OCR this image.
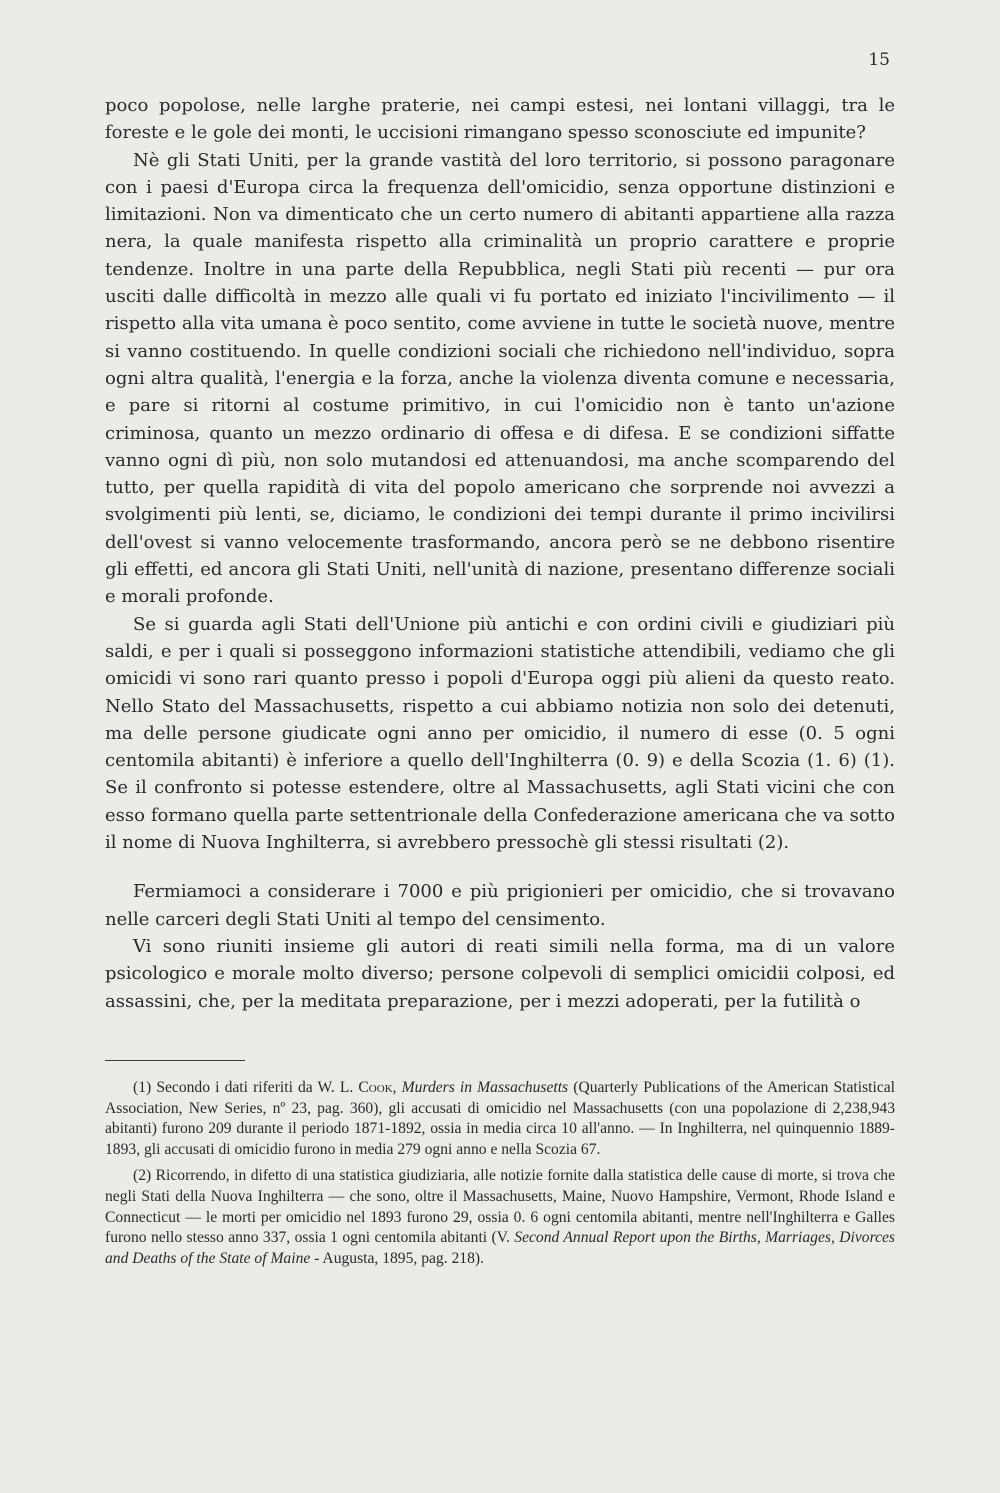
15

poco popolose, nelle larghe praterie, nei campi estesi, nei lontani villaggi, tra le foreste e le gole dei monti, le uccisioni rimangano spesso sconosciute ed impunite?

Nè gli Stati Uniti, per la grande vastità del loro territorio, si possono paragonare con i paesi d'Europa circa la frequenza dell'omicidio, senza opportune distinzioni e limitazioni. Non va dimenticato che un certo numero di abitanti appartiene alla razza nera, la quale manifesta rispetto alla criminalità un proprio carattere e proprie tendenze. Inoltre in una parte della Repubblica, negli Stati più recenti — pur ora usciti dalle difficoltà in mezzo alle quali vi fu portato ed iniziato l'incivilimento — il rispetto alla vita umana è poco sentito, come avviene in tutte le società nuove, mentre si vanno costituendo. In quelle condizioni sociali che richiedono nell'individuo, sopra ogni altra qualità, l'energia e la forza, anche la violenza diventa comune e necessaria, e pare si ritorni al costume primitivo, in cui l'omicidio non è tanto un'azione criminosa, quanto un mezzo ordinario di offesa e di difesa. E se condizioni siffatte vanno ogni dì più, non solo mutandosi ed attenuandosi, ma anche scomparendo del tutto, per quella rapidità di vita del popolo americano che sorprende noi avvezzi a svolgimenti più lenti, se, diciamo, le condizioni dei tempi durante il primo incivilirsi dell'ovest si vanno velocemente trasformando, ancora però se ne debbono risentire gli effetti, ed ancora gli Stati Uniti, nell'unità di nazione, presentano differenze sociali e morali profonde.

Se si guarda agli Stati dell'Unione più antichi e con ordini civili e giudiziari più saldi, e per i quali si posseggono informazioni statistiche attendibili, vediamo che gli omicidi vi sono rari quanto presso i popoli d'Europa oggi più alieni da questo reato. Nello Stato del Massachusetts, rispetto a cui abbiamo notizia non solo dei detenuti, ma delle persone giudicate ogni anno per omicidio, il numero di esse (0. 5 ogni centomila abitanti) è inferiore a quello dell'Inghilterra (0. 9) e della Scozia (1. 6) (1). Se il confronto si potesse estendere, oltre al Massachusetts, agli Stati vicini che con esso formano quella parte settentrionale della Confederazione americana che va sotto il nome di Nuova Inghilterra, si avrebbero pressochè gli stessi risultati (2).

Fermiamoci a considerare i 7000 e più prigionieri per omicidio, che si trovavano nelle carceri degli Stati Uniti al tempo del censimento.

Vi sono riuniti insieme gli autori di reati simili nella forma, ma di un valore psicologico e morale molto diverso; persone colpevoli di semplici omicidii colposi, ed assassini, che, per la meditata preparazione, per i mezzi adoperati, per la futilità o

(1) Secondo i dati riferiti da W. L. Cook, Murders in Massachusetts (Quarterly Publications of the American Statistical Association, New Series, nº 23, pag. 360), gli accusati di omicidio nel Massachusetts (con una popolazione di 2,238,943 abitanti) furono 209 durante il periodo 1871-1892, ossia in media circa 10 all'anno. — In Inghilterra, nel quinquennio 1889-1893, gli accusati di omicidio furono in media 279 ogni anno e nella Scozia 67.

(2) Ricorrendo, in difetto di una statistica giudiziaria, alle notizie fornite dalla statistica delle cause di morte, si trova che negli Stati della Nuova Inghilterra — che sono, oltre il Massachusetts, Maine, Nuovo Hampshire, Vermont, Rhode Island e Connecticut — le morti per omicidio nel 1893 furono 29, ossia 0. 6 ogni centomila abitanti, mentre nell'Inghilterra e Galles furono nello stesso anno 337, ossia 1 ogni centomila abitanti (V. Second Annual Report upon the Births, Marriages, Divorces and Deaths of the State of Maine - Augusta, 1895, pag. 218).
